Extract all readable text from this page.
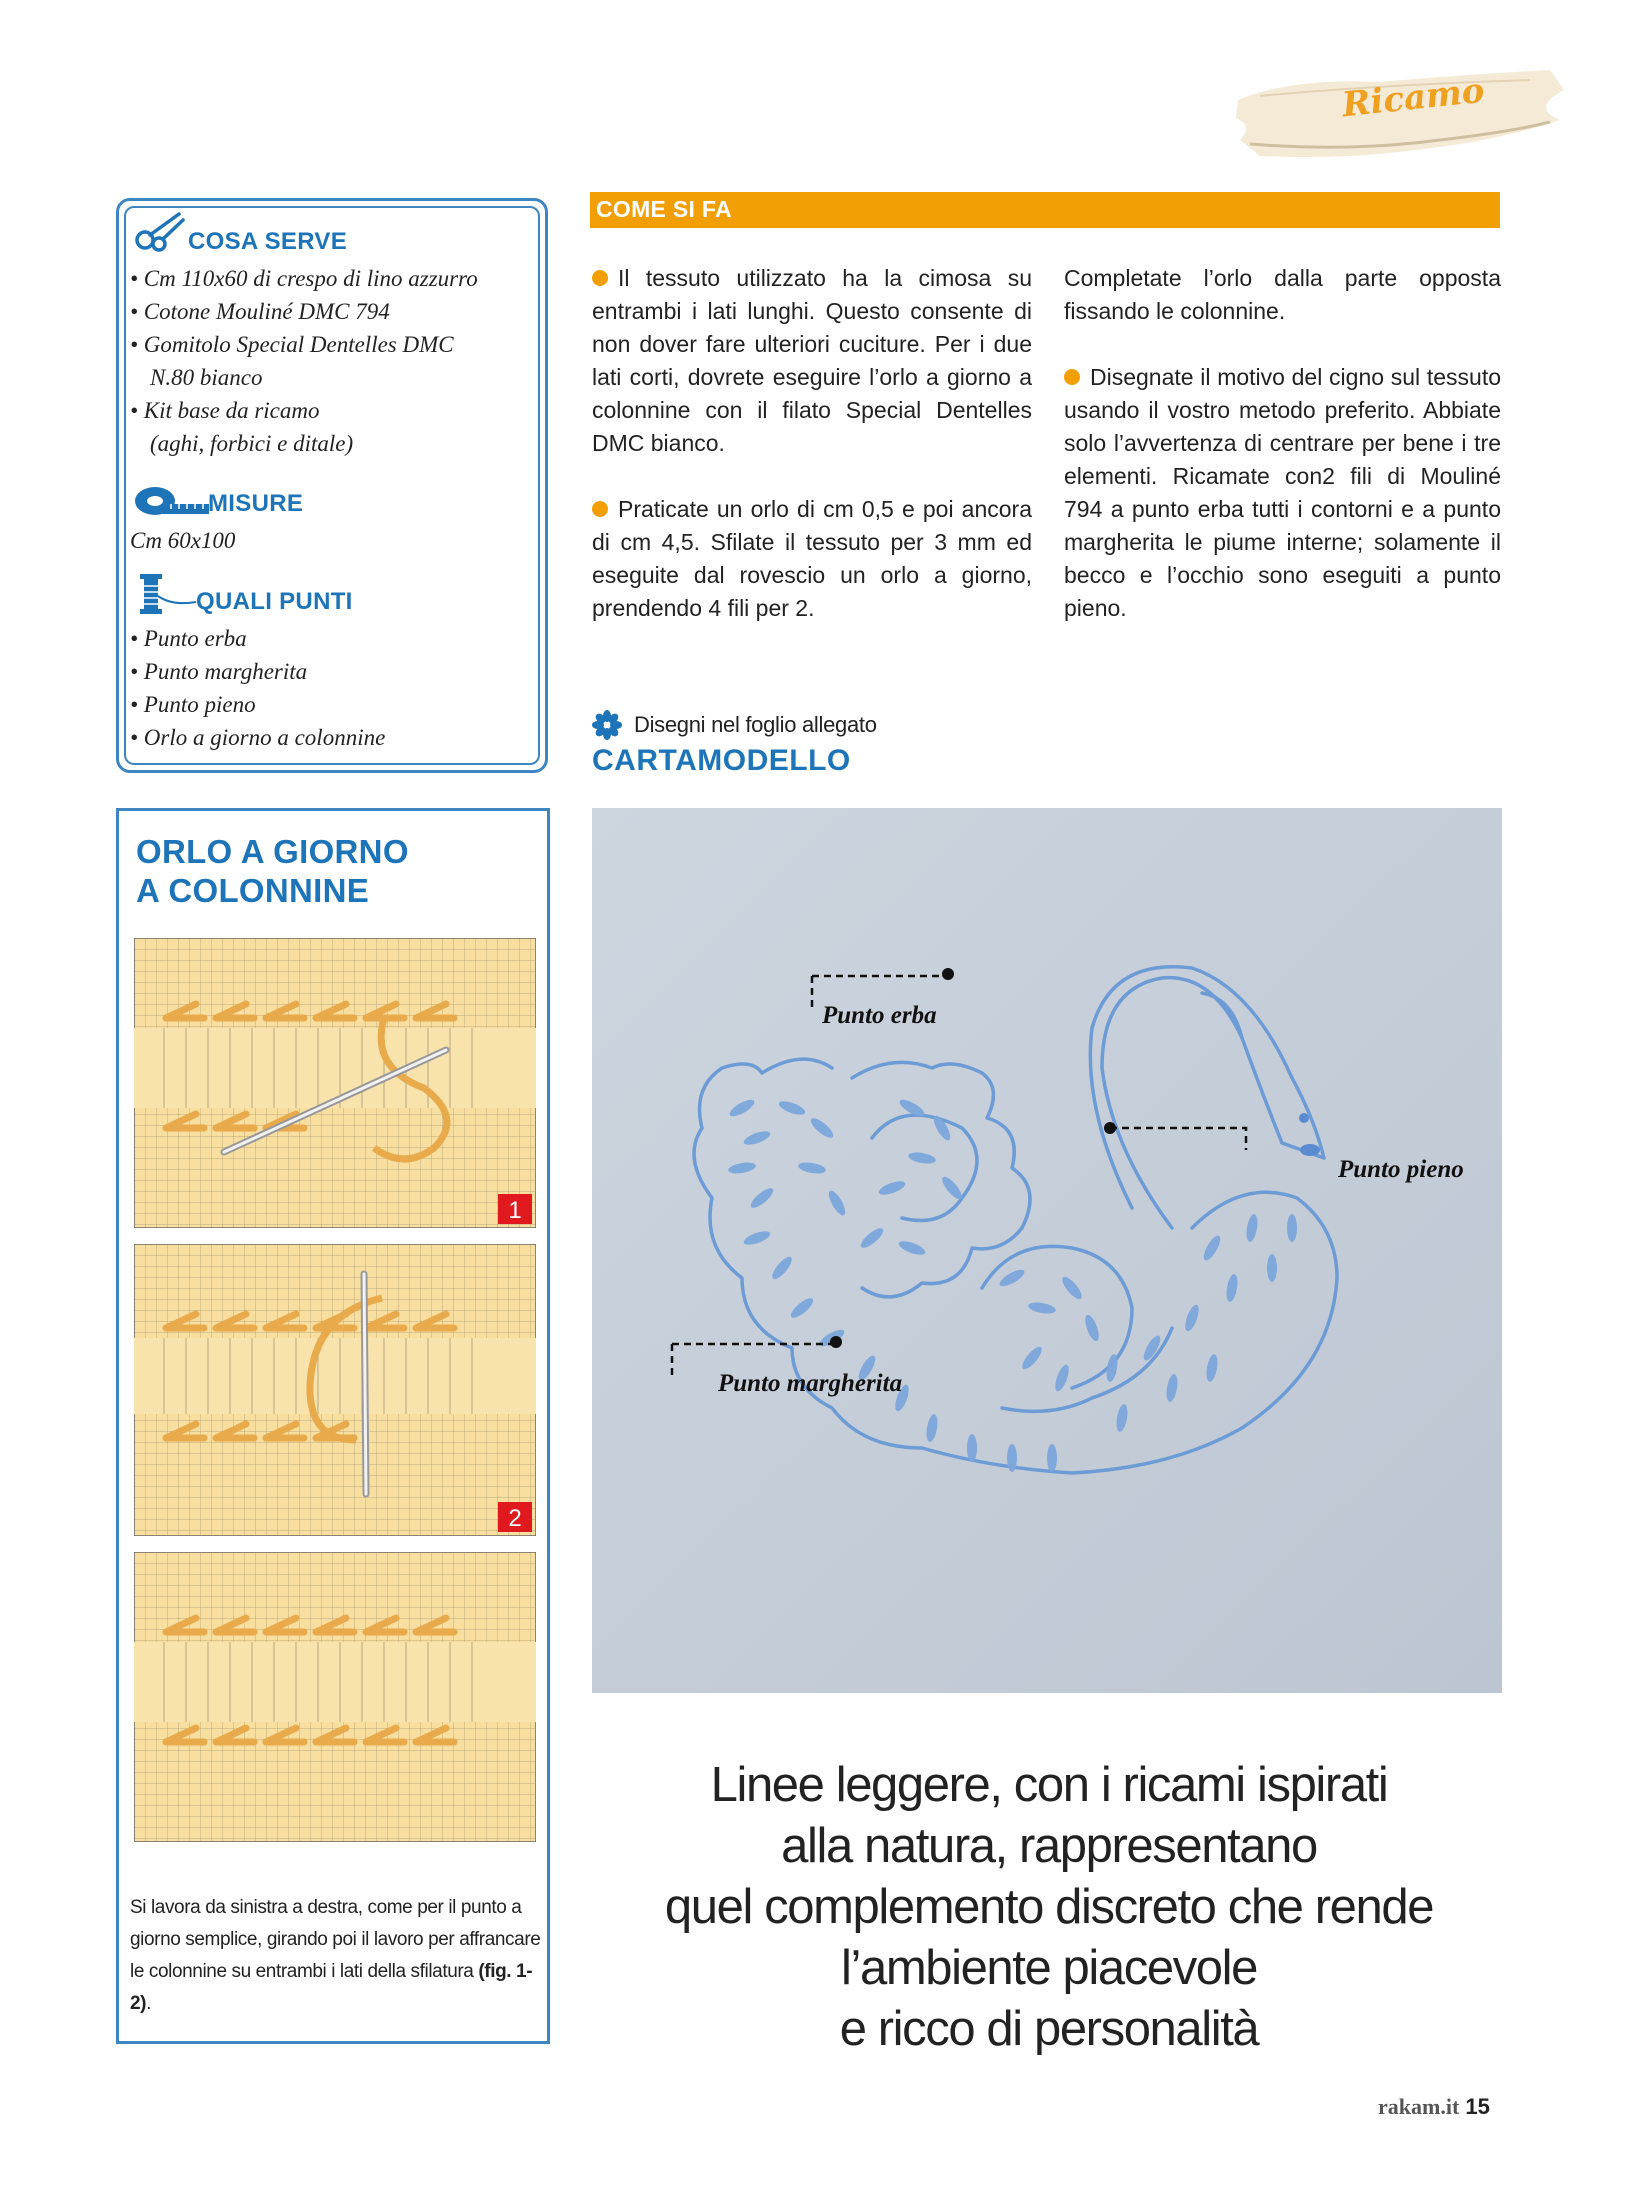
Ricamo
COSA SERVE
• Cm 110x60 di crespo di lino azzurro
• Cotone Mouliné DMC 794
• Gomitolo Special Dentelles DMC
N.80 bianco
• Kit base da ricamo
(aghi, forbici e ditale)
MISURE
Cm 60x100
QUALI PUNTI
• Punto erba
• Punto margherita
• Punto pieno
• Orlo a giorno a colonnine
COME SI FA

Il tessuto utilizzato ha la cimosa su entrambi i lati lunghi. Questo consente di non dover fare ulteriori cuciture. Per i due lati corti, dovrete eseguire l’orlo a giorno a colonnine con il filato Special Dentelles DMC bianco.

Praticate un orlo di cm 0,5 e poi ancora di cm 4,5. Sfilate il tessuto per 3 mm ed eseguite dal rovescio un orlo a giorno, prendendo 4 fili per 2.

Completate l’orlo dalla parte opposta fissando le colonnine.

Disegnate il motivo del cigno sul tessuto usando il vostro metodo preferito. Abbiate solo l’avvertenza di centrare per bene i tre elementi. Ricamate con2 fili di Mouliné 794 a punto erba tutti i contorni e a punto margherita le piume interne; solamente il becco e l’occhio sono eseguiti a punto pieno.

Disegni nel foglio allegato
CARTAMODELLO
ORLO A GIORNO
A COLONNINE
1
2
Si lavora da sinistra a destra, come per il punto a giorno semplice, girando poi il lavoro per affrancare le colonnine su entrambi i lati della sfilatura (fig. 1-2).
Punto erba
Punto pieno
Punto margherita
Linee leggere, con i ricami ispirati
alla natura, rappresentano
quel complemento discreto che rende
l’ambiente piacevole
e ricco di personalità
rakam.it 15
